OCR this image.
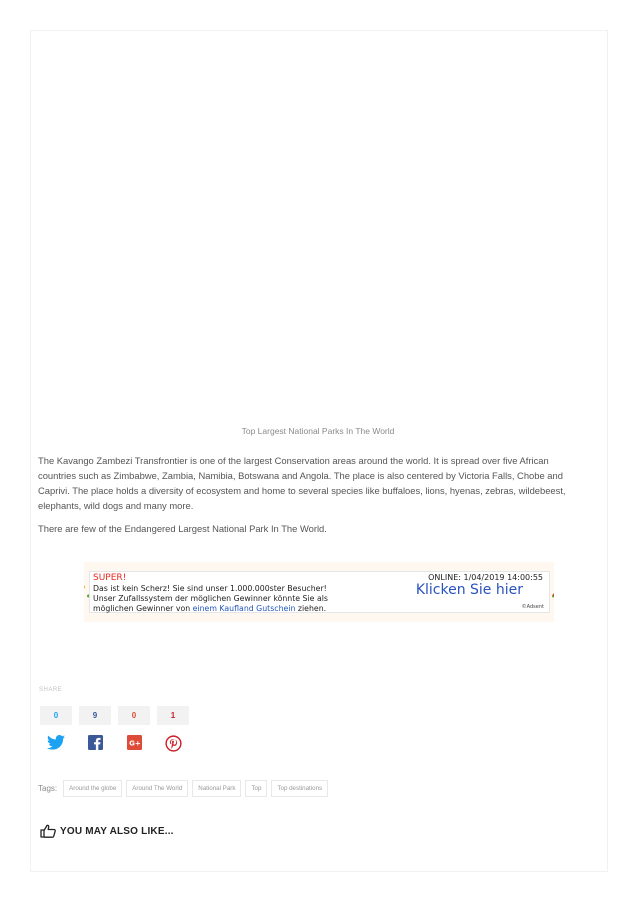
Top Largest National Parks In The World
The Kavango Zambezi Transfrontier is one of the largest Conservation areas around the world. It is spread over five African
countries such as Zimbabwe, Zambia, Namibia, Botswana and Angola. The place is also centered by Victoria Falls, Chobe and
Caprivi. The place holds a diversity of ecosystem and home to several species like buffaloes, lions, hyenas, zebras, wildebeest,
elephants, wild dogs and many more.
There are few of the Endangered Largest National Park In The World.
SUPER!
Das ist kein Scherz! Sie sind unser 1.000.000ster Besucher!
Unser Zufallssystem der möglichen Gewinner könnte Sie als
möglichen Gewinner von einem Kaufland Gutschein ziehen.
ONLINE: 1/04/2019 14:00:55
Klicken Sie hier
©Adsent
SHARE
0	9	0
G+
1
Tags:	Around the globe	Around The World	National Park	Top	Top destinations
YOU MAY ALSO LIKE...
